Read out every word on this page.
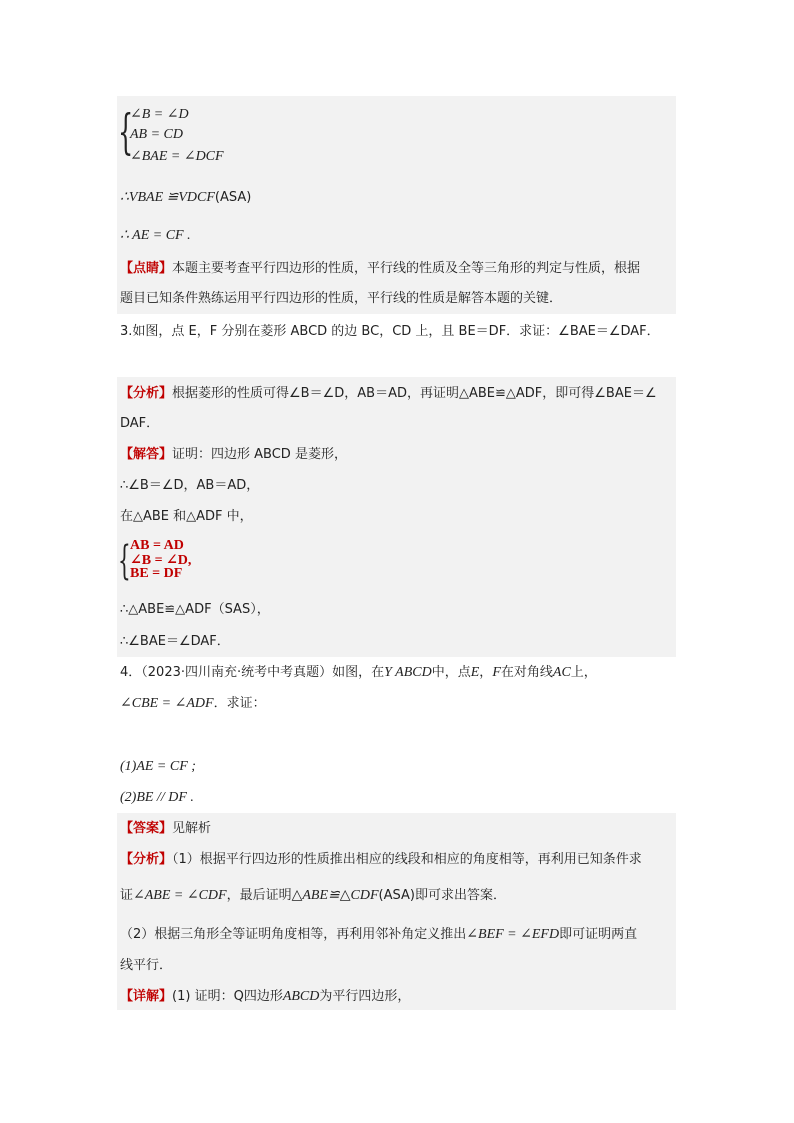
{
∠B = ∠D
AB = CD
∠BAE = ∠DCF
∴VBAE ≌VDCF(ASA)
∴ AE = CF .
【点睛】本题主要考查平行四边形的性质，平行线的性质及全等三角形的判定与性质，根据
题目已知条件熟练运用平行四边形的性质，平行线的性质是解答本题的关键．
3.如图，点 E，F 分别在菱形 ABCD 的边 BC，CD 上，且 BE＝DF．求证：∠BAE＝∠DAF．
【分析】根据菱形的性质可得∠B＝∠D，AB＝AD，再证明△ABE≌△ADF，即可得∠BAE＝∠
DAF．
【解答】证明：四边形 ABCD 是菱形，
∴∠B＝∠D，AB＝AD，
在△ABE 和△ADF 中，
{ AB = AD
∠B = ∠D,
BE = DF
∴△ABE≌△ADF（SAS），
∴∠BAE＝∠DAF．
4．（2023·四川南充·统考中考真题）如图，在Y ABCD中，点E，F在对角线AC上，
∠CBE = ∠ADF．求证：
(1)AE = CF ;
(2)BE // DF .
【答案】见解析
【分析】（1）根据平行四边形的性质推出相应的线段和相应的角度相等，再利用已知条件求
证∠ABE = ∠CDF，最后证明△ABE≌△CDF(ASA)即可求出答案．
（2）根据三角形全等证明角度相等，再利用邻补角定义推出∠BEF = ∠EFD即可证明两直
线平行．
【详解】(1) 证明：Q四边形ABCD为平行四边形，
